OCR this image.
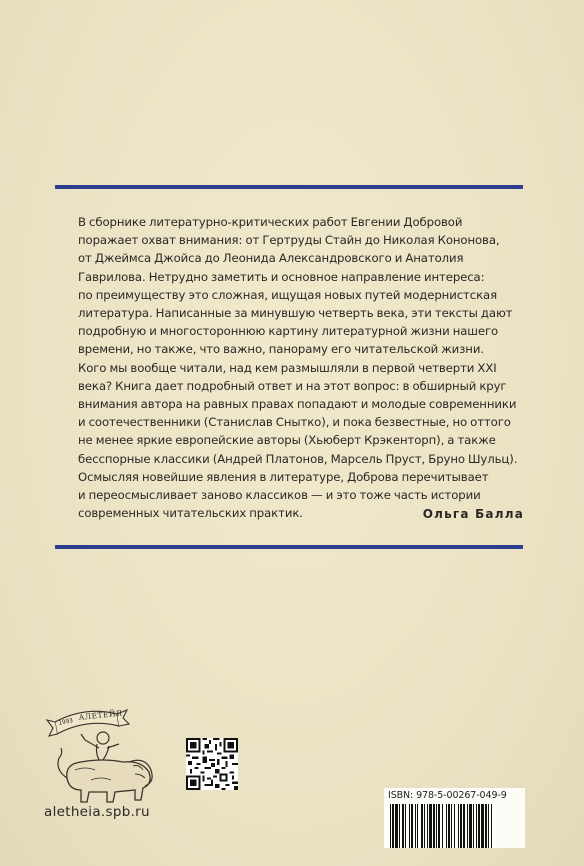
В сборнике литературно-критических работ Евгении Добровой
поражает охват внимания: от Гертруды Стайн до Николая Кононова,
от Джеймса Джойса до Леонида Александровского и Анатолия
Гаврилова. Нетрудно заметить и основное направление интереса:
по преимуществу это сложная, ищущая новых путей модернистская
литература. Написанные за минувшую четверть века, эти тексты дают
подробную и многостороннюю картину литературной жизни нашего
времени, но также, что важно, панораму его читательской жизни.
Кого мы вообще читали, над кем размышляли в первой четверти XXI
века? Книга дает подробный ответ и на этот вопрос: в обширный круг
внимания автора на равных правах попадают и молодые современники
и соотечественники (Станислав Снытко), и пока безвестные, но оттого
не менее яркие европейские авторы (Хьюберт Крэкенторп), а также
бесспорные классики (Андрей Платонов, Марсель Пруст, Бруно Шульц).
Осмысляя новейшие явления в литературе, Доброва перечитывает
и переосмысливает заново классиков — и это тоже часть истории
современных читательских практик.	Ольга Балла
1993
АЛЕТЕЙЯ
aletheia.spb.ru
ISBN: 978-5-00267-049-9
